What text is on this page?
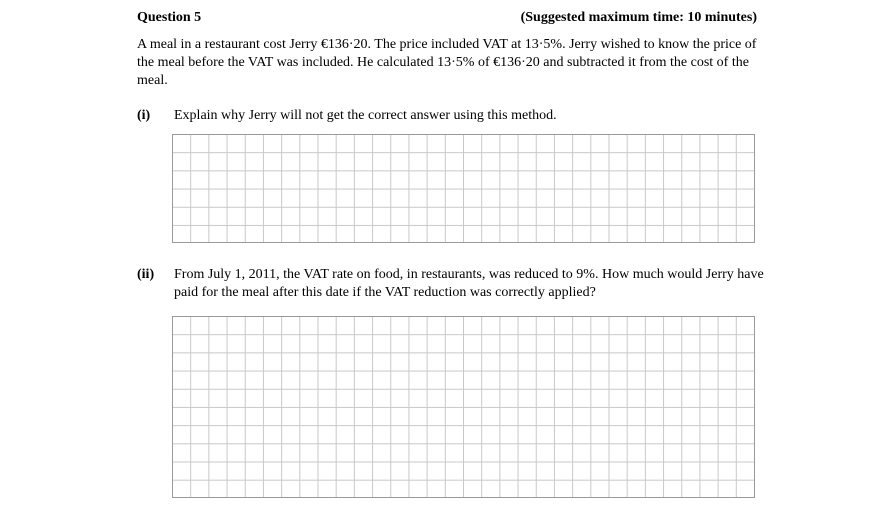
Question 5	(Suggested maximum time: 10 minutes)
A meal in a restaurant cost Jerry €136·20. The price included VAT at 13·5%. Jerry wished to know the price of the meal before the VAT was included. He calculated 13·5% of €136·20 and subtracted it from the cost of the meal.
(i) Explain why Jerry will not get the correct answer using this method.
(ii) From July 1, 2011, the VAT rate on food, in restaurants, was reduced to 9%. How much would Jerry have paid for the meal after this date if the VAT reduction was correctly applied?
